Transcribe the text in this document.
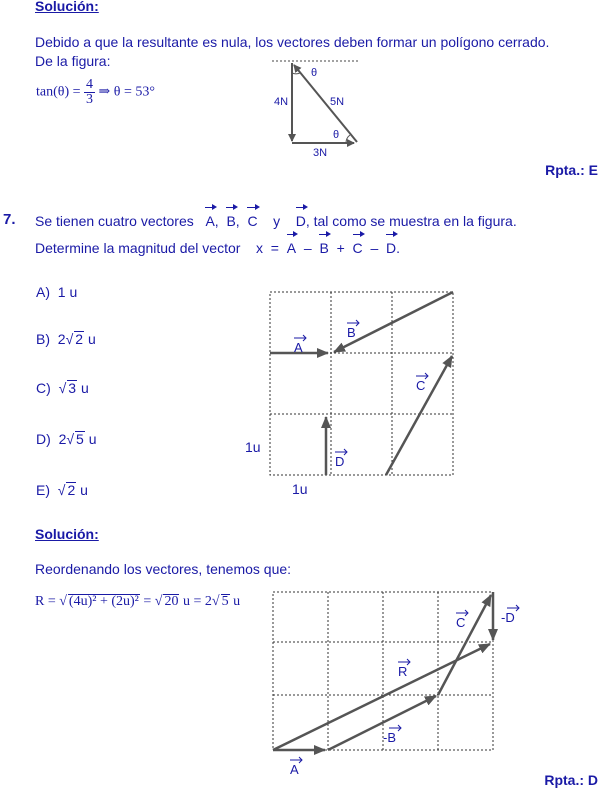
Solución:
Debido a que la resultante es nula, los vectores deben formar un polígono cerrado.
De la figura:
$\tan(\theta) = \frac{4}{3}$ ⇒ θ = 53°
4N	5N
3N
θ
θ
Rpta.: E
7. Se tienen cuatro vectores A, B, C y D, tal como se muestra en la figura.
Determine la magnitud del vector x = A – B + C – D.
A) 1 u
B) 2√ 2 u
C) √ 3 u
D) 2√ 5 u
E) √ 2 u
A
B
C
D
1u
1u
Solución:
Reordenando los vectores, tenemos que:
R = √ (4u)² + (2u)² = √ 20 u = 2√ 5 u
A
-B
R
C	-D
Rpta.: D
